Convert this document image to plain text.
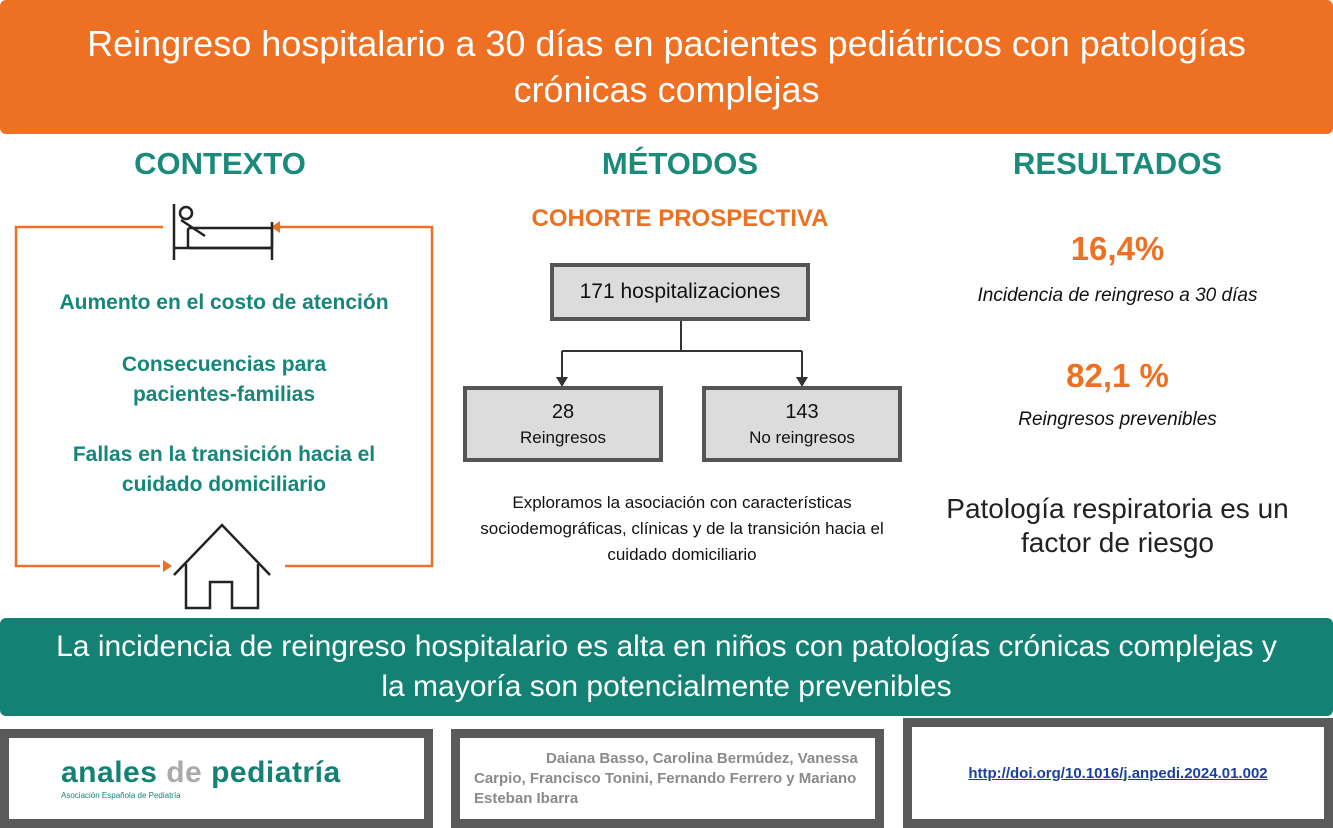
Reingreso hospitalario a 30 días en pacientes pediátricos con patologías crónicas complejas
CONTEXTO
Aumento en el costo de atención
Consecuencias para pacientes-familias
Fallas en la transición hacia el cuidado domiciliario
MÉTODOS
COHORTE PROSPECTIVA
171 hospitalizaciones
28
Reingresos
143
No reingresos
Exploramos la asociación con características sociodemográficas, clínicas y de la transición hacia el cuidado domiciliario
RESULTADOS
16,4%
Incidencia de reingreso a 30 días
82,1 %
Reingresos prevenibles
Patología respiratoria es un factor de riesgo
La incidencia de reingreso hospitalario es alta en niños con patologías crónicas complejas y la mayoría son potencialmente prevenibles
anales de pediatría
Asociación Española de Pediatría
Daiana Basso, Carolina Bermúdez, Vanessa Carpio, Francisco Tonini, Fernando Ferrero y Mariano Esteban Ibarra
http://doi.org/10.1016/j.anpedi.2024.01.002
